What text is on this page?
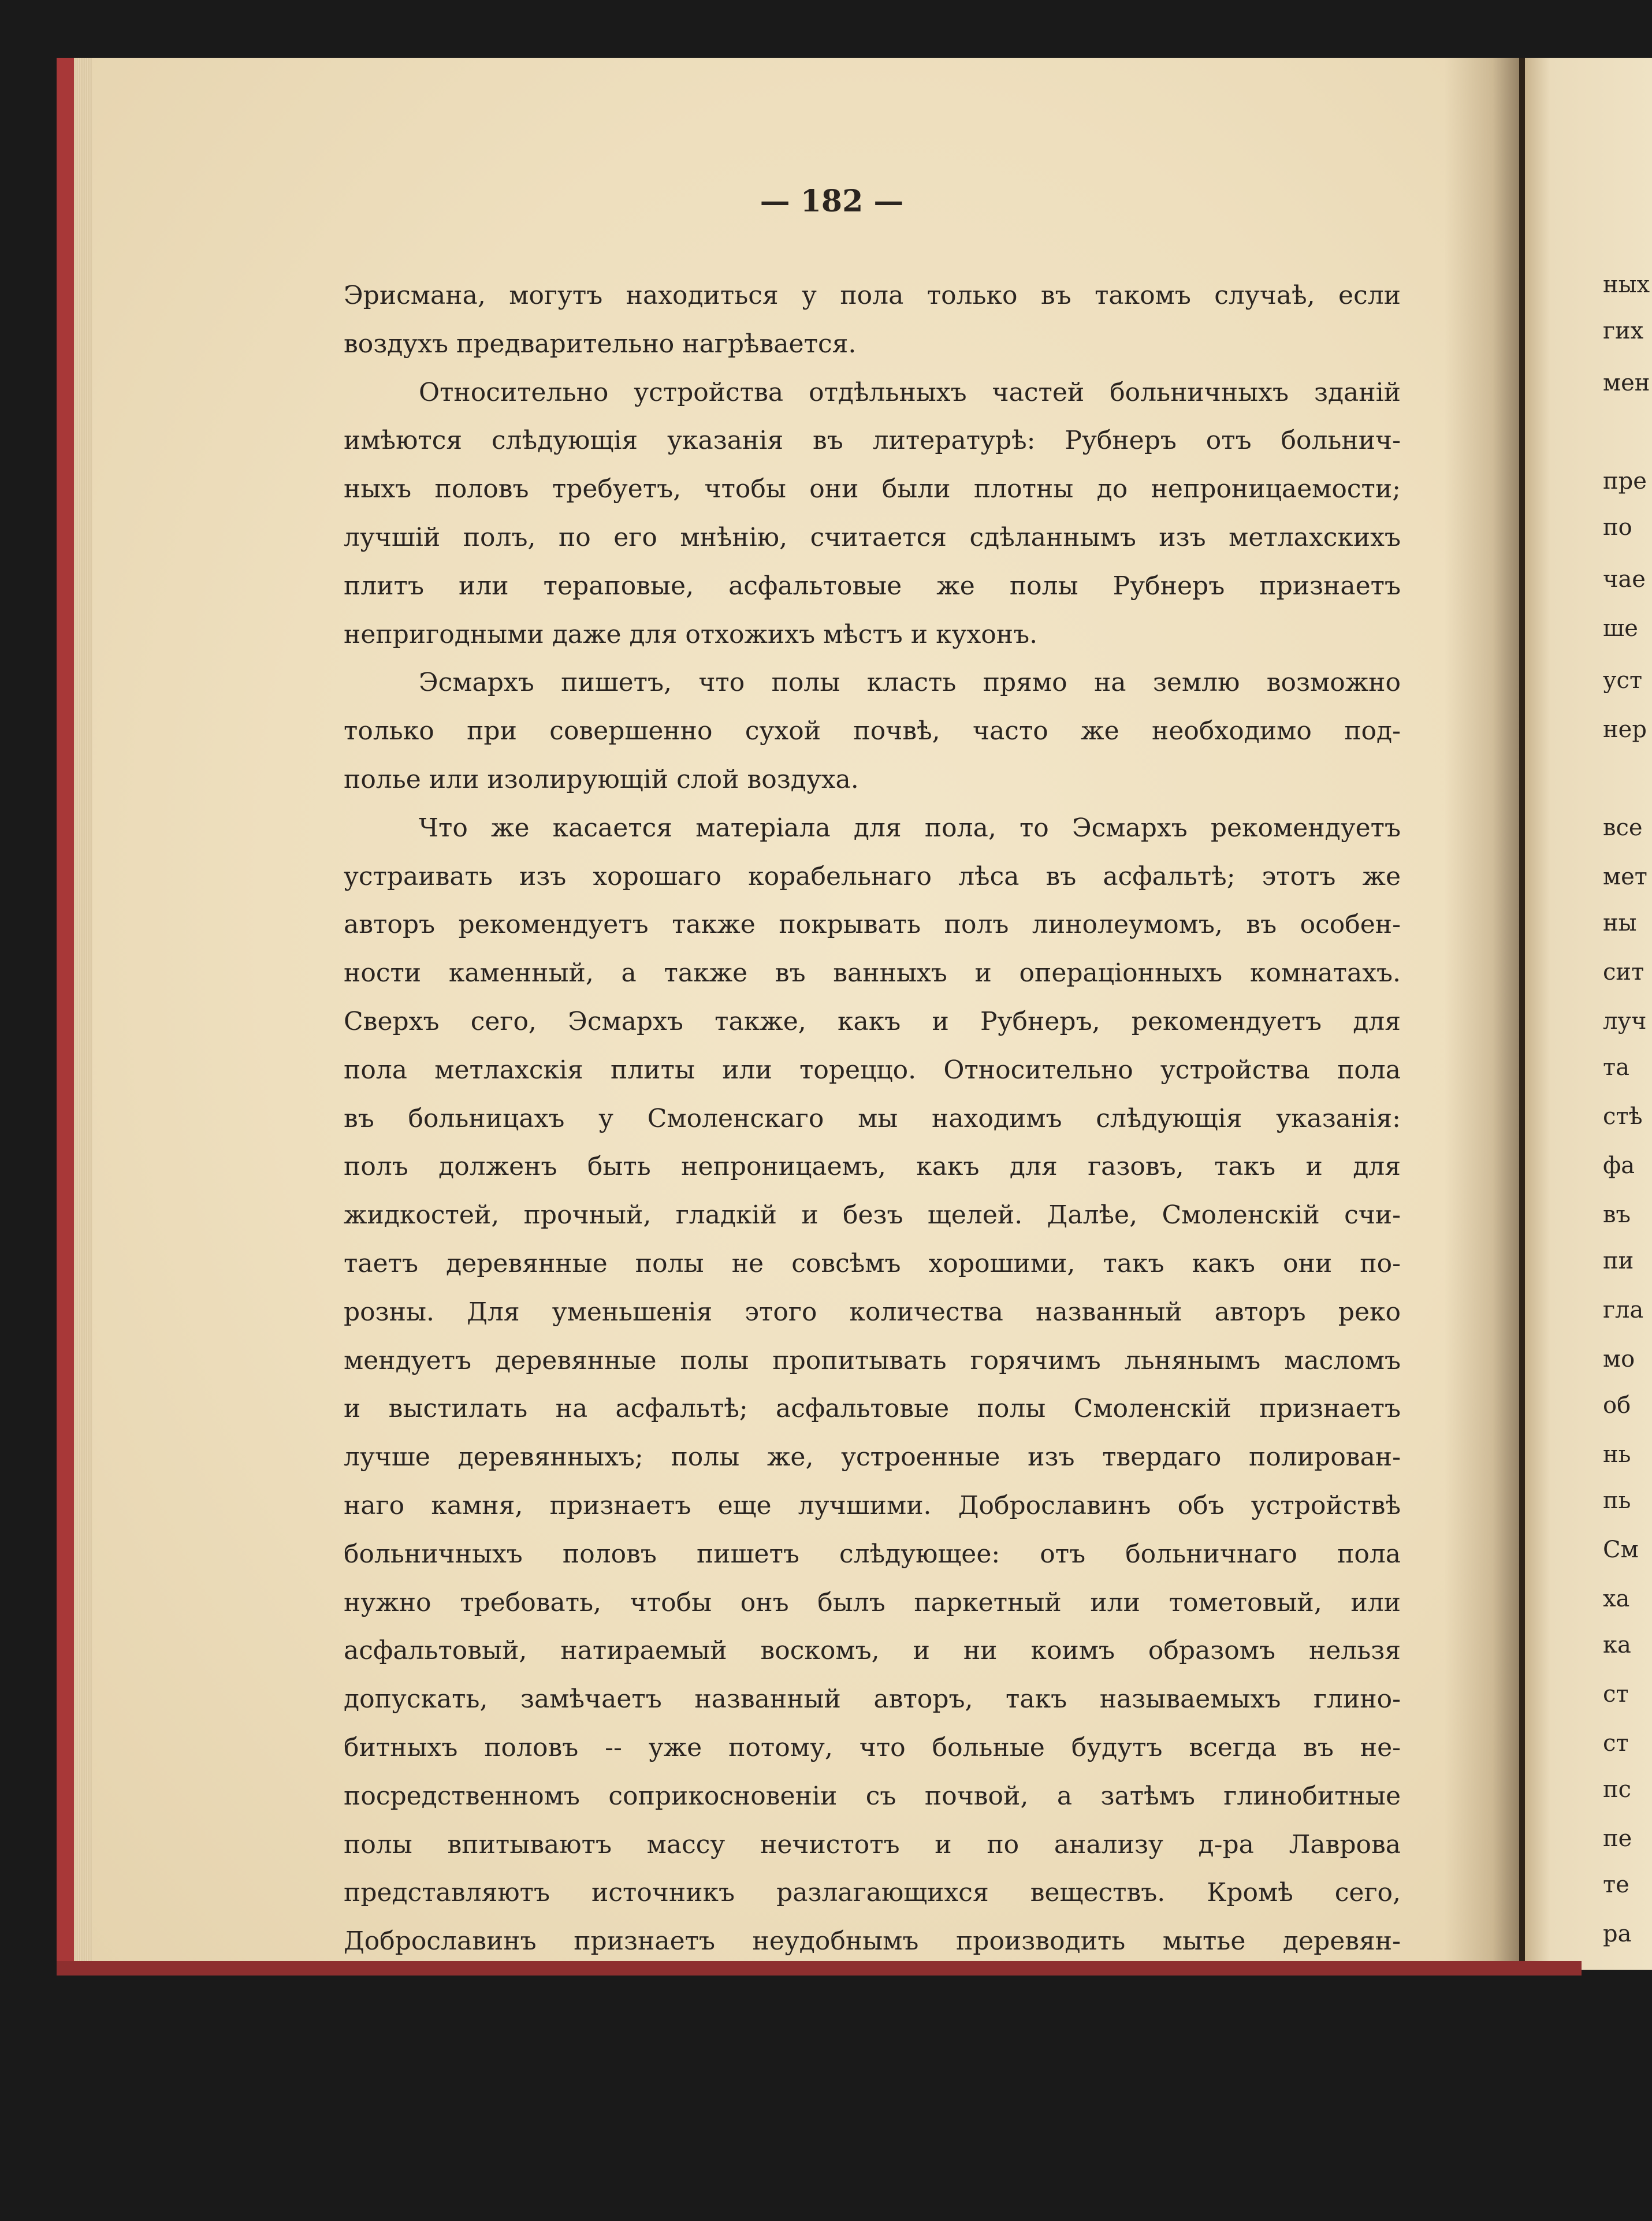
— 182 —
Эрисмана, могутъ находиться у пола только въ такомъ случаѣ, если
воздухъ предварительно нагрѣвается.
Относительно устройства отдѣльныхъ частей больничныхъ зданій
имѣются слѣдующія указанія въ литературѣ: Рубнеръ отъ больнич-
ныхъ половъ требуетъ, чтобы они были плотны до непроницаемости;
лучшій полъ, по его мнѣнію, считается сдѣланнымъ изъ метлахскихъ
плитъ или тераповые, асфальтовые же полы Рубнеръ признаетъ
непригодными даже для отхожихъ мѣстъ и кухонъ.
Эсмархъ пишетъ, что полы класть прямо на землю возможно
только при совершенно сухой почвѣ, часто же необходимо под-
полье или изолирующій слой воздуха.
Что же касается матеріала для пола, то Эсмархъ рекомендуетъ
устраивать изъ хорошаго корабельнаго лѣса въ асфальтѣ; этотъ же
авторъ рекомендуетъ также покрывать полъ линолеумомъ, въ особен-
ности каменный, а также въ ванныхъ и операціонныхъ комнатахъ.
Сверхъ сего, Эсмархъ также, какъ и Рубнеръ, рекомендуетъ для
пола метлахскія плиты или тореццо. Относительно устройства пола
въ больницахъ у Смоленскаго мы находимъ слѣдующія указанія:
полъ долженъ быть непроницаемъ, какъ для газовъ, такъ и для
жидкостей, прочный, гладкій и безъ щелей. Далѣе, Смоленскій счи-
таетъ деревянные полы не совсѣмъ хорошими, такъ какъ они по-
розны. Для уменьшенія этого количества названный авторъ реко
мендуетъ деревянные полы пропитывать горячимъ льнянымъ масломъ
и выстилать на асфальтѣ; асфальтовые полы Смоленскій признаетъ
лучше деревянныхъ; полы же, устроенные изъ твердаго полирован-
наго камня, признаетъ еще лучшими. Доброславинъ объ устройствѣ
больничныхъ половъ пишетъ слѣдующее: отъ больничнаго пола
нужно требовать, чтобы онъ былъ паркетный или тометовый, или
асфальтовый, натираемый воскомъ, и ни коимъ образомъ нельзя
допускать, замѣчаетъ названный авторъ, такъ называемыхъ глино-
битныхъ половъ -- уже потому, что больные будутъ всегда въ не-
посредственномъ соприкосновеніи съ почвой, а затѣмъ глинобитные
полы впитываютъ массу нечистотъ и по анализу д-ра Лаврова
представляютъ источникъ разлагающихся веществъ. Кромѣ сего,
Доброславинъ признаетъ неудобнымъ производить мытье деревян-
ных
гих
мен
пре
по
чае
ше
уст
нер
все
мет
ны
сит
луч
та
стѣ
фа
въ
пи
гла
мо
об
нь
пь
См
ха
ка
ст
ст
пс
пе
те
ра
